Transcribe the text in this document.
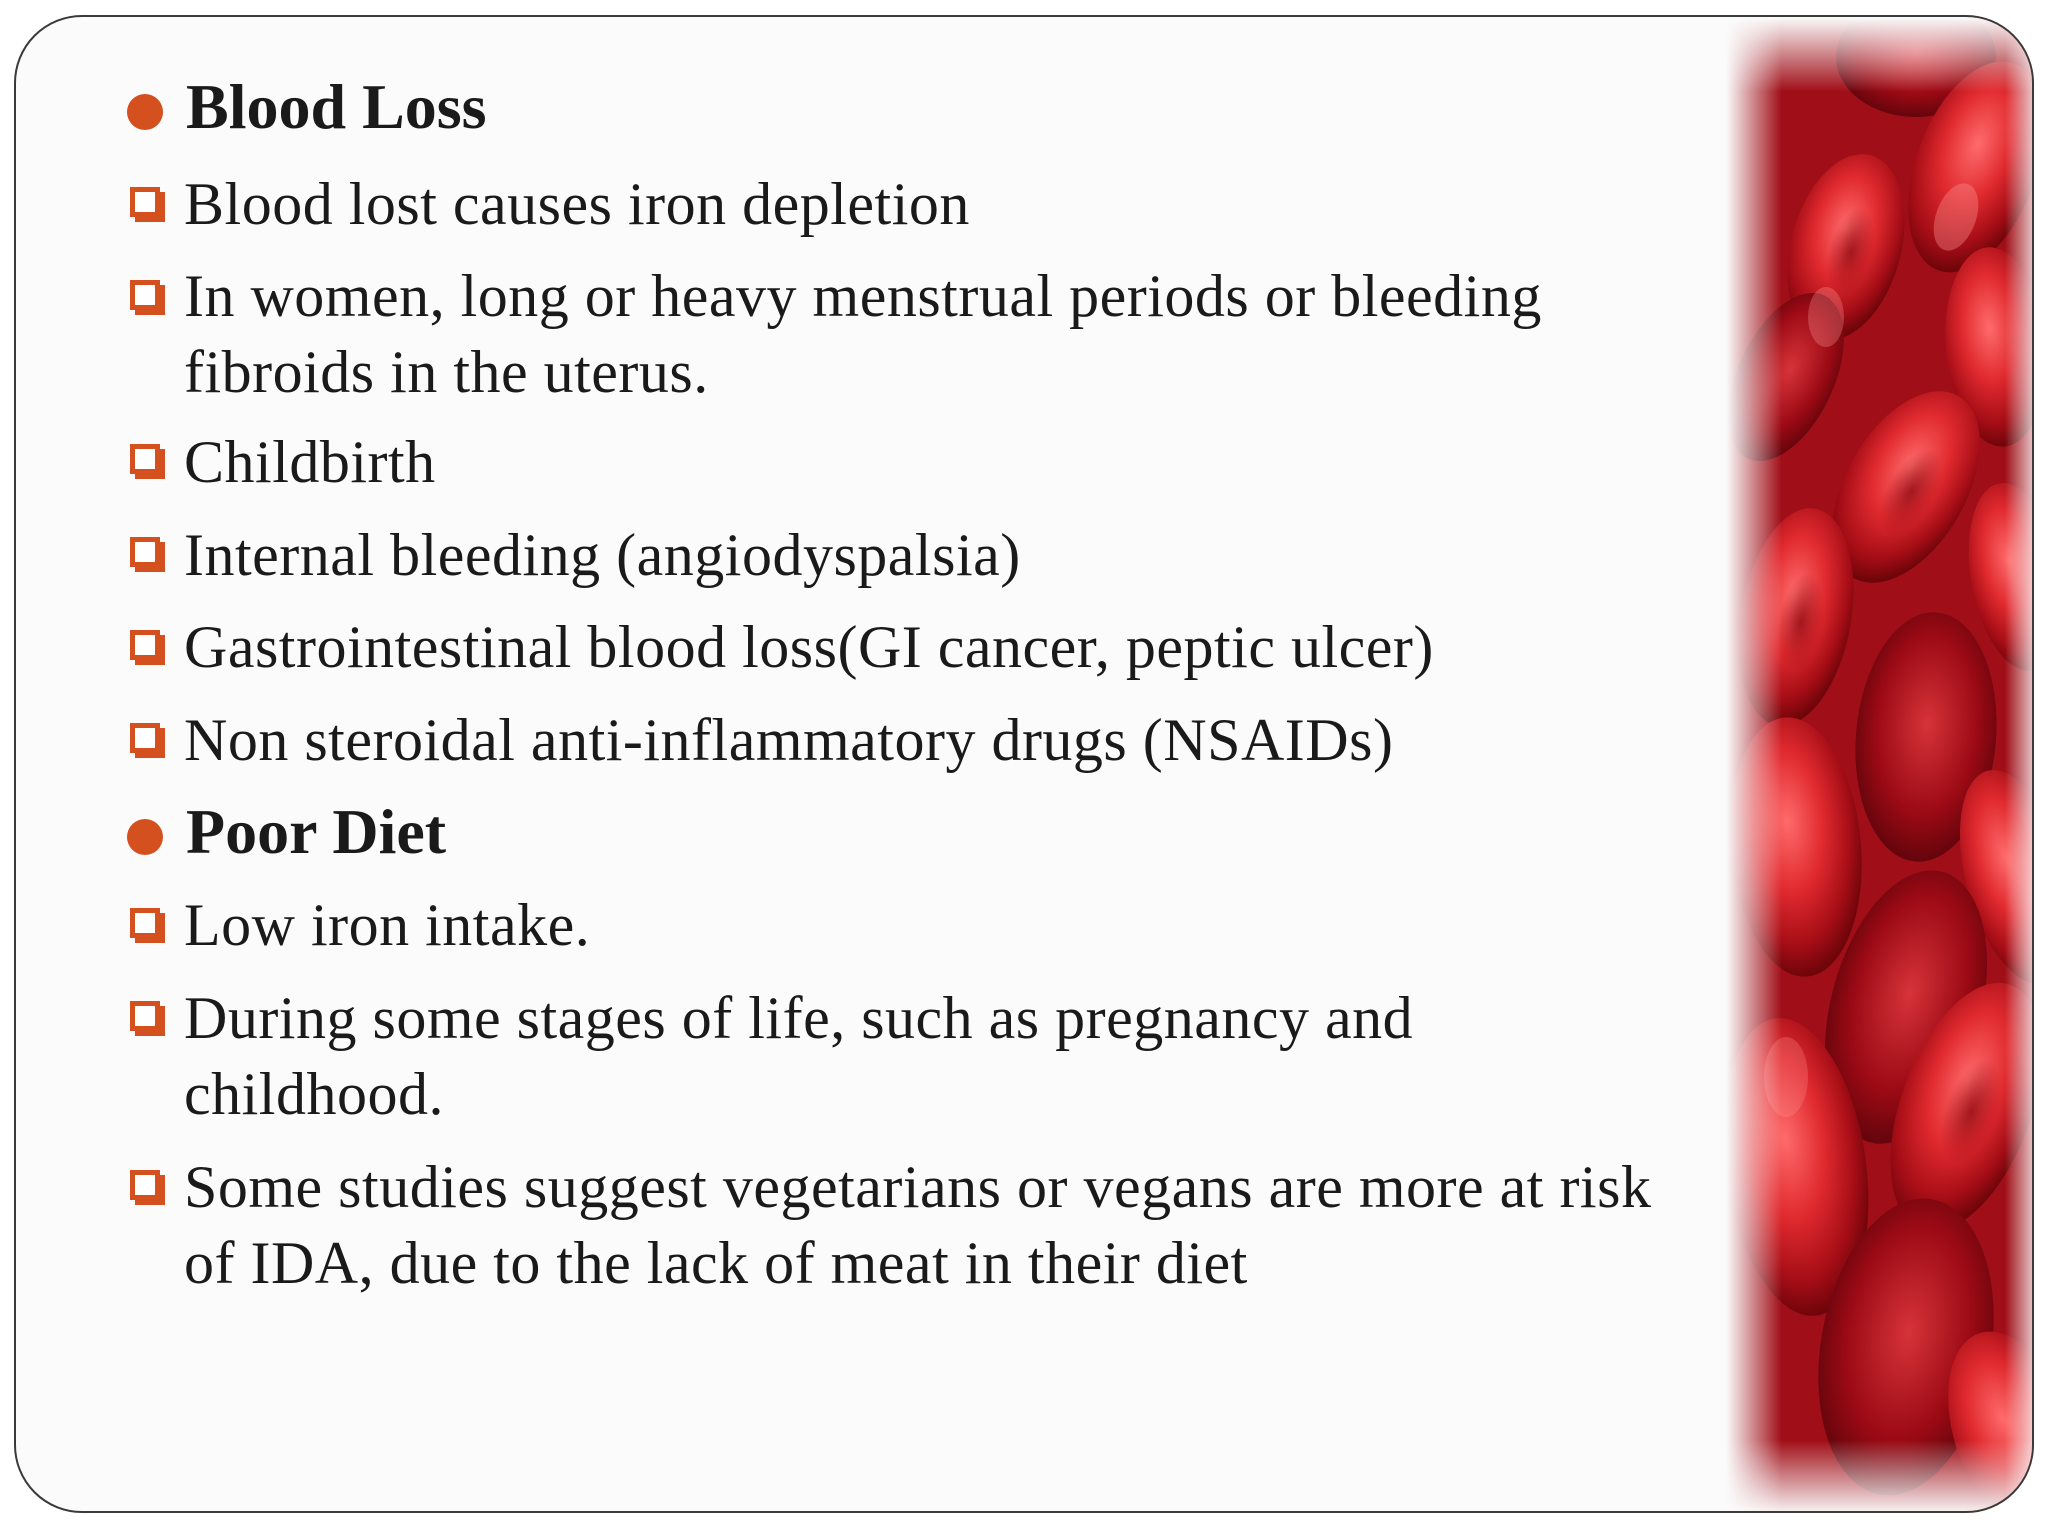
Blood Loss
Blood lost causes iron depletion
In women, long or heavy menstrual periods or bleeding
fibroids in the uterus.
Childbirth
Internal bleeding (angiodyspalsia)
Gastrointestinal blood loss(GI cancer, peptic ulcer)
Non steroidal anti-inflammatory drugs (NSAIDs)
Poor Diet
Low iron intake.
During some stages of life, such as pregnancy and
childhood.
Some studies suggest vegetarians or vegans are more at risk
of IDA, due to the lack of meat in their diet
